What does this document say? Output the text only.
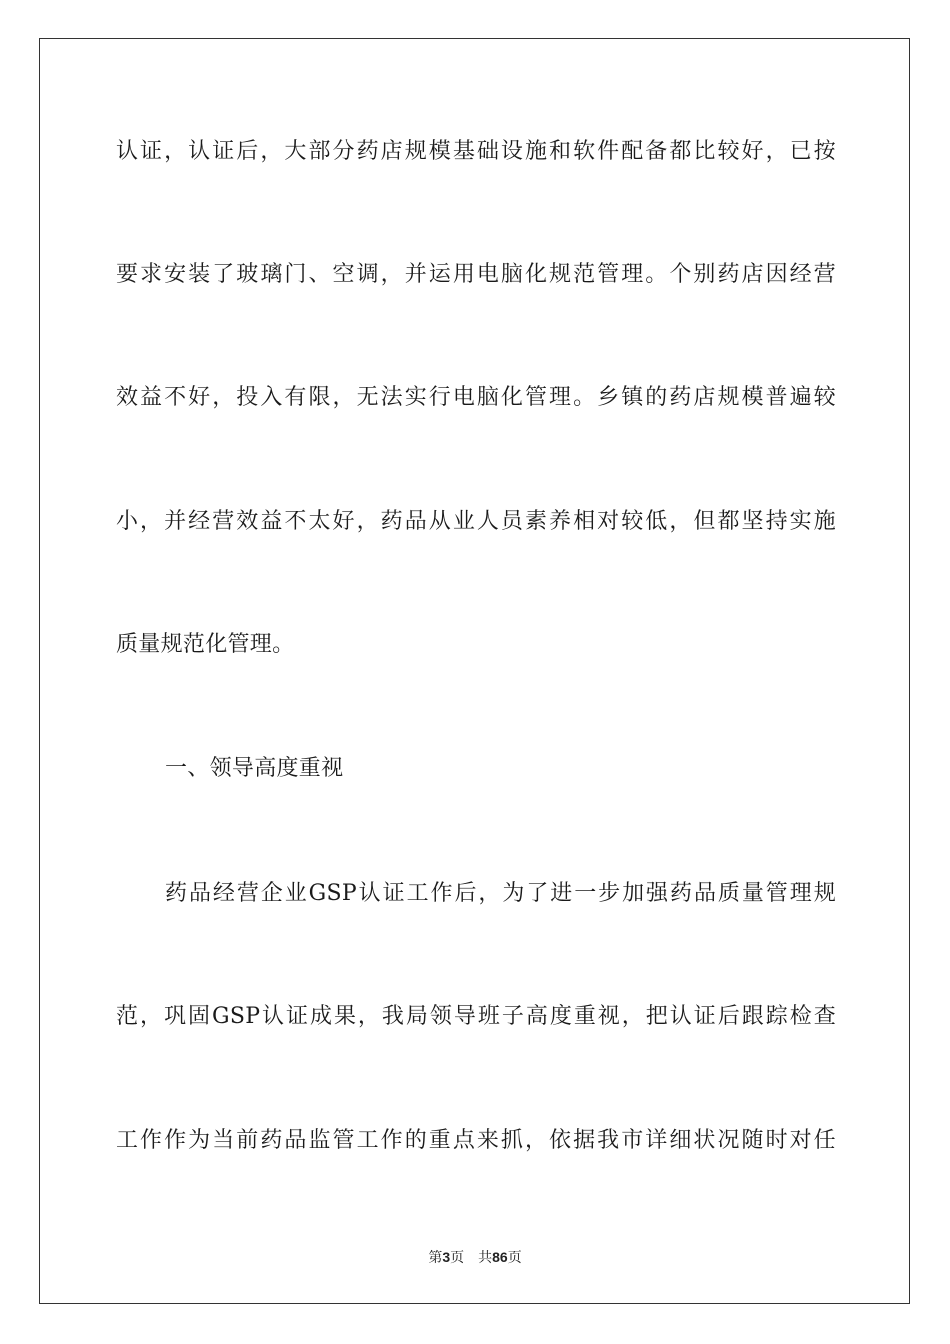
认证，认证后，大部分药店规模基础设施和软件配备都比较好，已按
要求安装了玻璃门、空调，并运用电脑化规范管理。个别药店因经营
效益不好，投入有限，无法实行电脑化管理。乡镇的药店规模普遍较
小，并经营效益不太好，药品从业人员素养相对较低，但都坚持实施
质量规范化管理。
一、领导高度重视
药品经营企业GSP认证工作后，为了进一步加强药品质量管理规
范，巩固GSP认证成果，我局领导班子高度重视，把认证后跟踪检查
工作作为当前药品监管工作的重点来抓，依据我市详细状况随时对任
第3页 共86页
